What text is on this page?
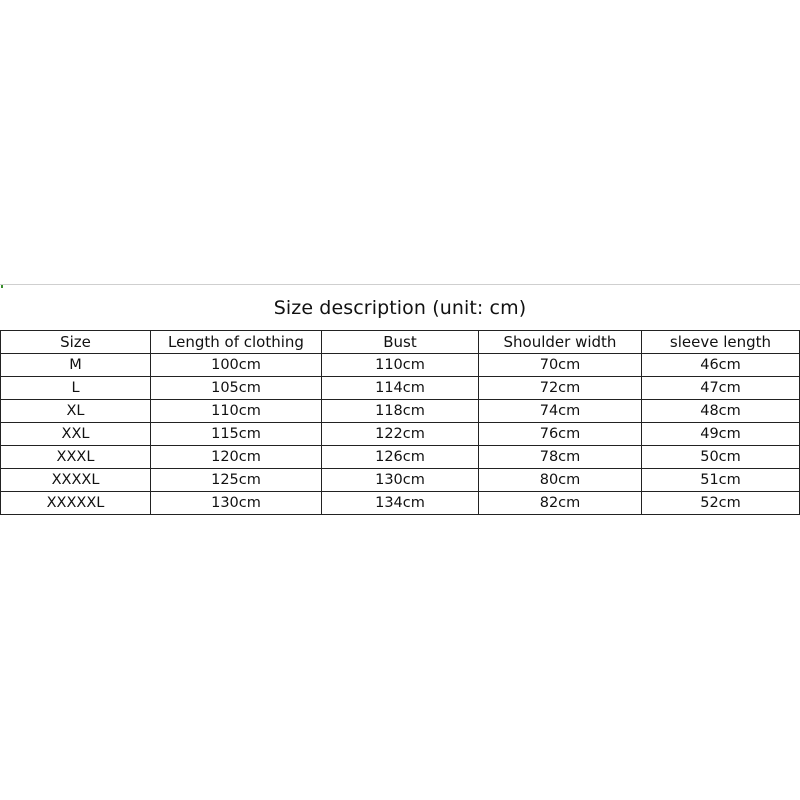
Size description (unit: cm)
Size	Length of clothing	Bust	Shoulder width	sleeve length
M	100cm	110cm	70cm	46cm
L	105cm	114cm	72cm	47cm
XL	110cm	118cm	74cm	48cm
XXL	115cm	122cm	76cm	49cm
XXXL	120cm	126cm	78cm	50cm
XXXXL	125cm	130cm	80cm	51cm
XXXXXL	130cm	134cm	82cm	52cm
